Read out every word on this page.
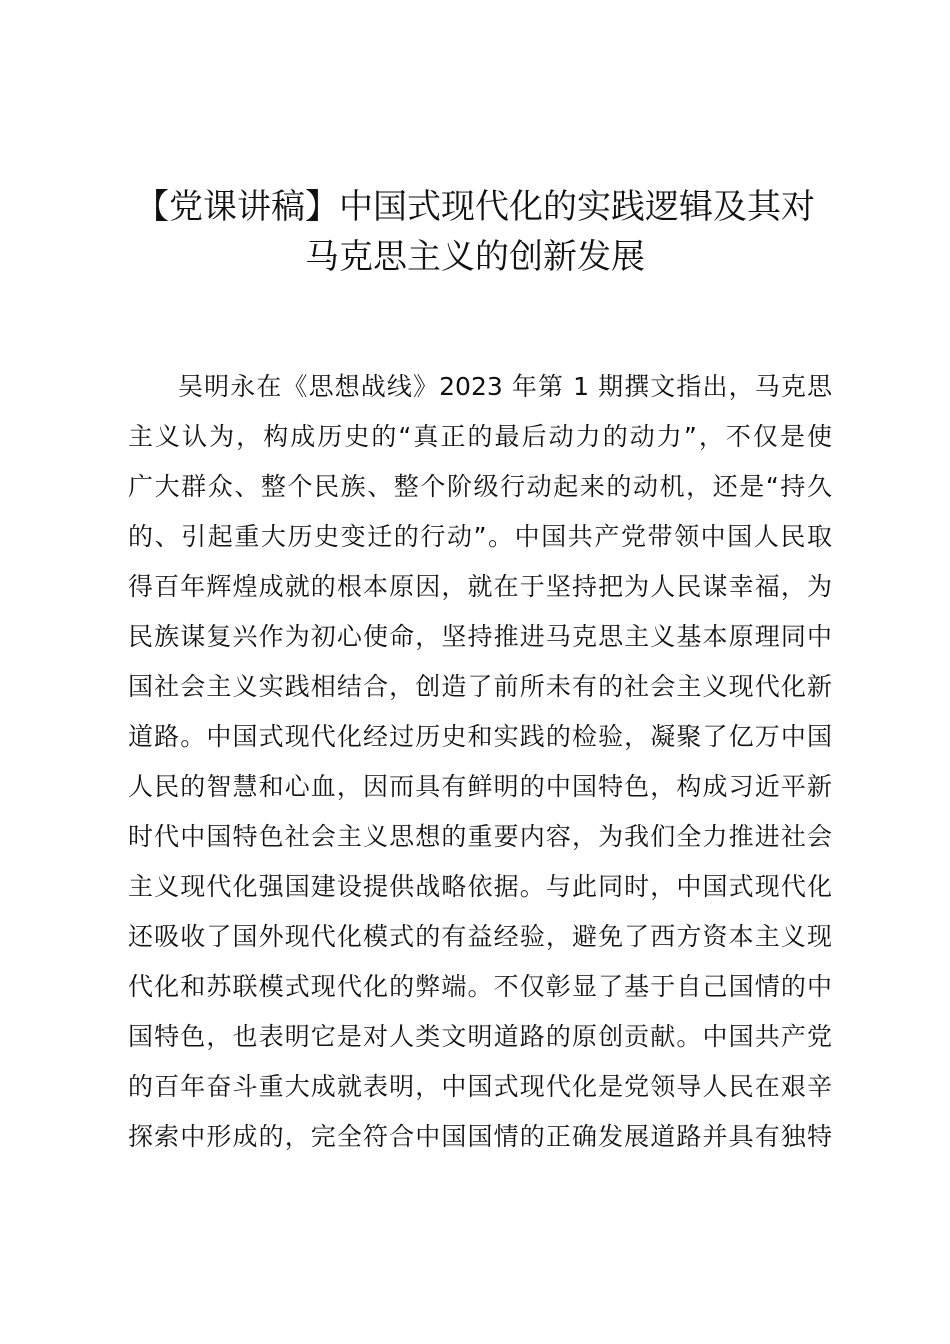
【党课讲稿】中国式现代化的实践逻辑及其对
马克思主义的创新发展
吴明永在《思想战线》2023 年第 1 期撰文指出，马克思
主义认为，构成历史的“真正的最后动力的动力”，不仅是使
广大群众、整个民族、整个阶级行动起来的动机，还是“持久
的、引起重大历史变迁的行动”。中国共产党带领中国人民取
得百年辉煌成就的根本原因，就在于坚持把为人民谋幸福，为
民族谋复兴作为初心使命，坚持推进马克思主义基本原理同中
国社会主义实践相结合，创造了前所未有的社会主义现代化新
道路。中国式现代化经过历史和实践的检验，凝聚了亿万中国
人民的智慧和心血，因而具有鲜明的中国特色，构成习近平新
时代中国特色社会主义思想的重要内容，为我们全力推进社会
主义现代化强国建设提供战略依据。与此同时，中国式现代化
还吸收了国外现代化模式的有益经验，避免了西方资本主义现
代化和苏联模式现代化的弊端。不仅彰显了基于自己国情的中
国特色，也表明它是对人类文明道路的原创贡献。中国共产党
的百年奋斗重大成就表明，中国式现代化是党领导人民在艰辛
探索中形成的，完全符合中国国情的正确发展道路并具有独特
